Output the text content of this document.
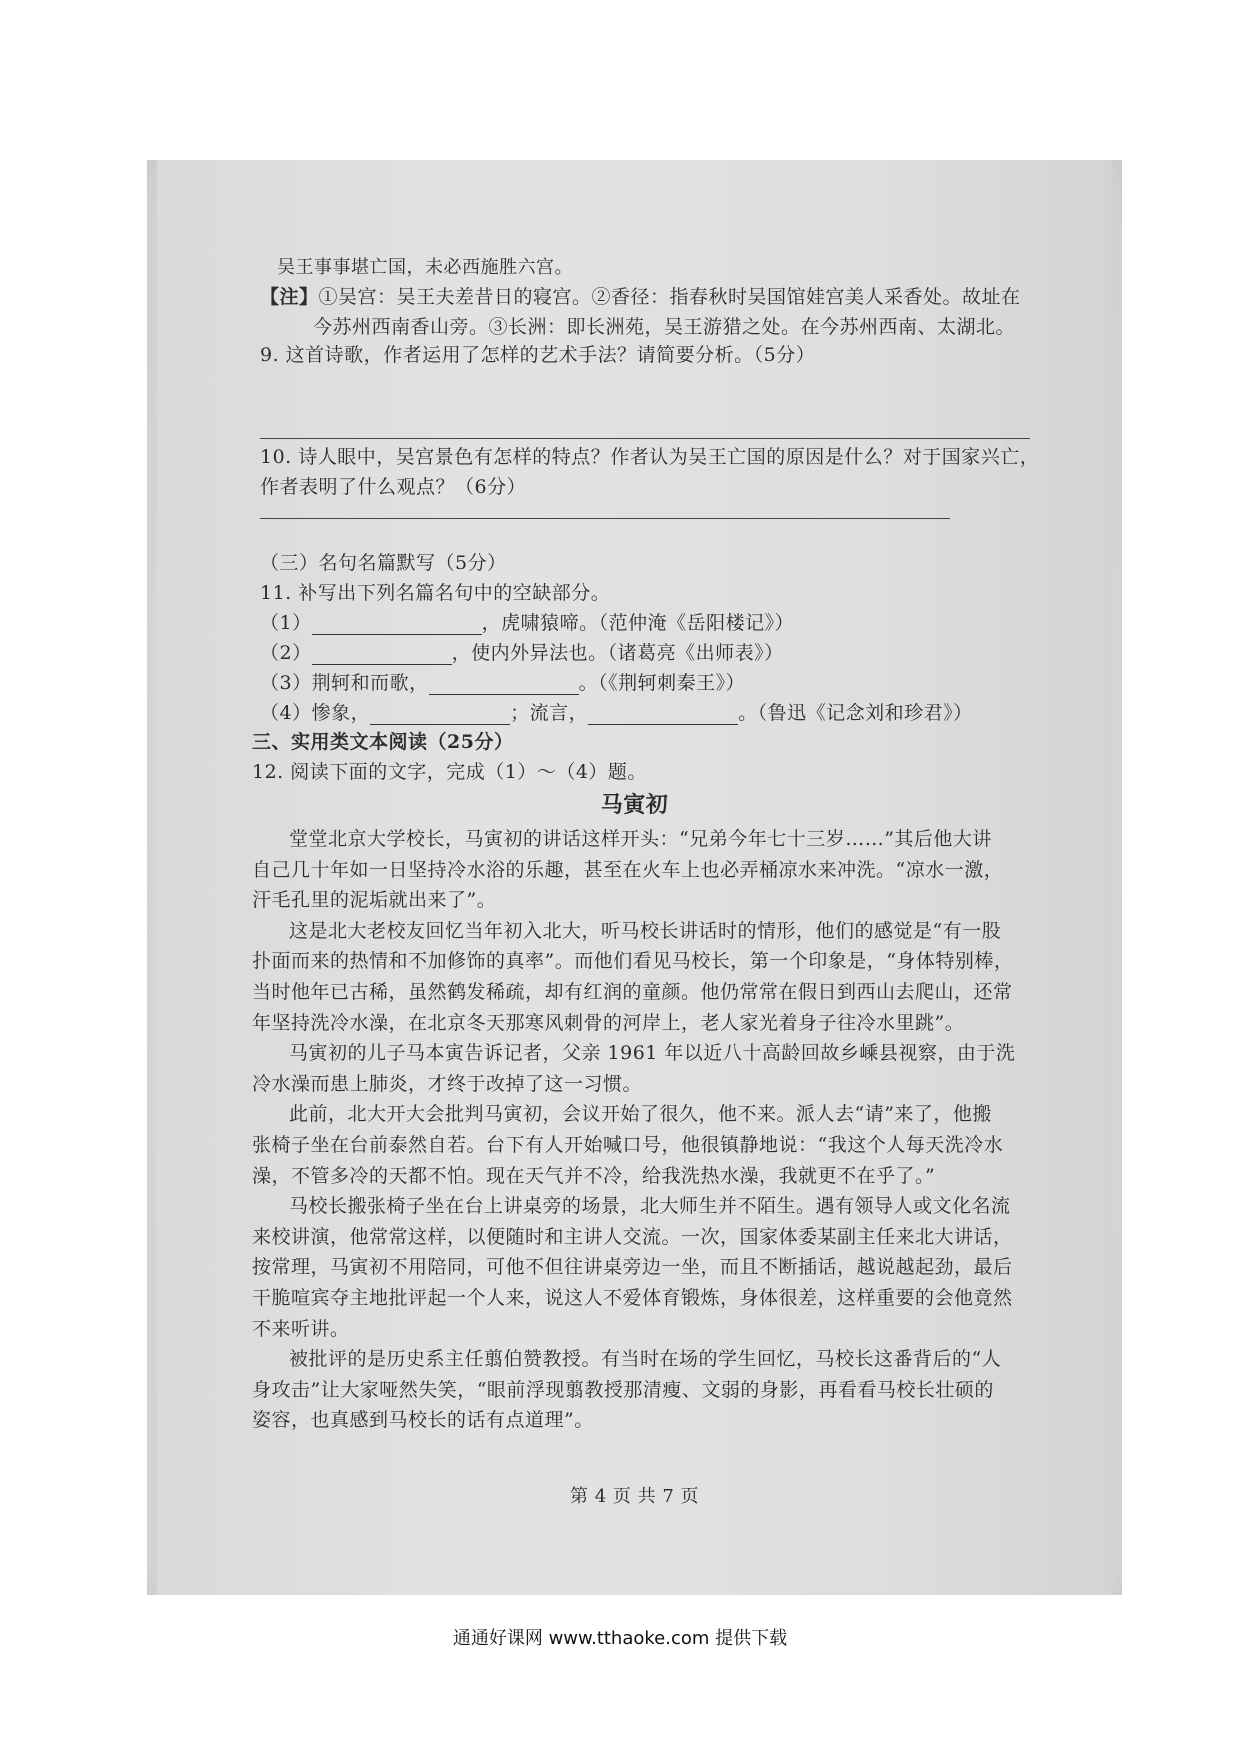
吴王事事堪亡国，未必西施胜六宫。
【注】①吴宫：吴王夫差昔日的寝宫。②香径：指春秋时吴国馆娃宫美人采香处。故址在
今苏州西南香山旁。③长洲：即长洲苑，吴王游猎之处。在今苏州西南、太湖北。
9. 这首诗歌，作者运用了怎样的艺术手法？请简要分析。（5分）
10. 诗人眼中，吴宫景色有怎样的特点？作者认为吴王亡国的原因是什么？对于国家兴亡，
作者表明了什么观点？（6分）
（三）名句名篇默写（5分）
11. 补写出下列名篇名句中的空缺部分。
（1）	，虎啸猿啼。（范仲淹《岳阳楼记》）
（2）	，使内外异法也。（诸葛亮《出师表》）
（3）荆轲和而歌，	。（《荆轲刺秦王》）
（4）惨象，	；流言，	。（鲁迅《记念刘和珍君》）
三、实用类文本阅读（25分）
12. 阅读下面的文字，完成（1）～（4）题。
马寅初
堂堂北京大学校长，马寅初的讲话这样开头：“兄弟今年七十三岁……”其后他大讲
自己几十年如一日坚持冷水浴的乐趣，甚至在火车上也必弄桶凉水来冲洗。“凉水一激，
汗毛孔里的泥垢就出来了”。
这是北大老校友回忆当年初入北大，听马校长讲话时的情形，他们的感觉是“有一股
扑面而来的热情和不加修饰的真率”。而他们看见马校长，第一个印象是，“身体特别棒，
当时他年已古稀，虽然鹤发稀疏，却有红润的童颜。他仍常常在假日到西山去爬山，还常
年坚持洗冷水澡，在北京冬天那寒风刺骨的河岸上，老人家光着身子往冷水里跳”。
马寅初的儿子马本寅告诉记者，父亲 1961 年以近八十高龄回故乡嵊县视察，由于洗
冷水澡而患上肺炎，才终于改掉了这一习惯。
此前，北大开大会批判马寅初，会议开始了很久，他不来。派人去“请”来了，他搬
张椅子坐在台前泰然自若。台下有人开始喊口号，他很镇静地说：“我这个人每天洗冷水
澡，不管多冷的天都不怕。现在天气并不冷，给我洗热水澡，我就更不在乎了。”
马校长搬张椅子坐在台上讲桌旁的场景，北大师生并不陌生。遇有领导人或文化名流
来校讲演，他常常这样，以便随时和主讲人交流。一次，国家体委某副主任来北大讲话，
按常理，马寅初不用陪同，可他不但往讲桌旁边一坐，而且不断插话，越说越起劲，最后
干脆喧宾夺主地批评起一个人来，说这人不爱体育锻炼，身体很差，这样重要的会他竟然
不来听讲。
被批评的是历史系主任翦伯赞教授。有当时在场的学生回忆，马校长这番背后的“人
身攻击”让大家哑然失笑，“眼前浮现翦教授那清瘦、文弱的身影，再看看马校长壮硕的
姿容，也真感到马校长的话有点道理”。
第 4 页 共 7 页
通通好课网 www.tthaoke.com 提供下载
